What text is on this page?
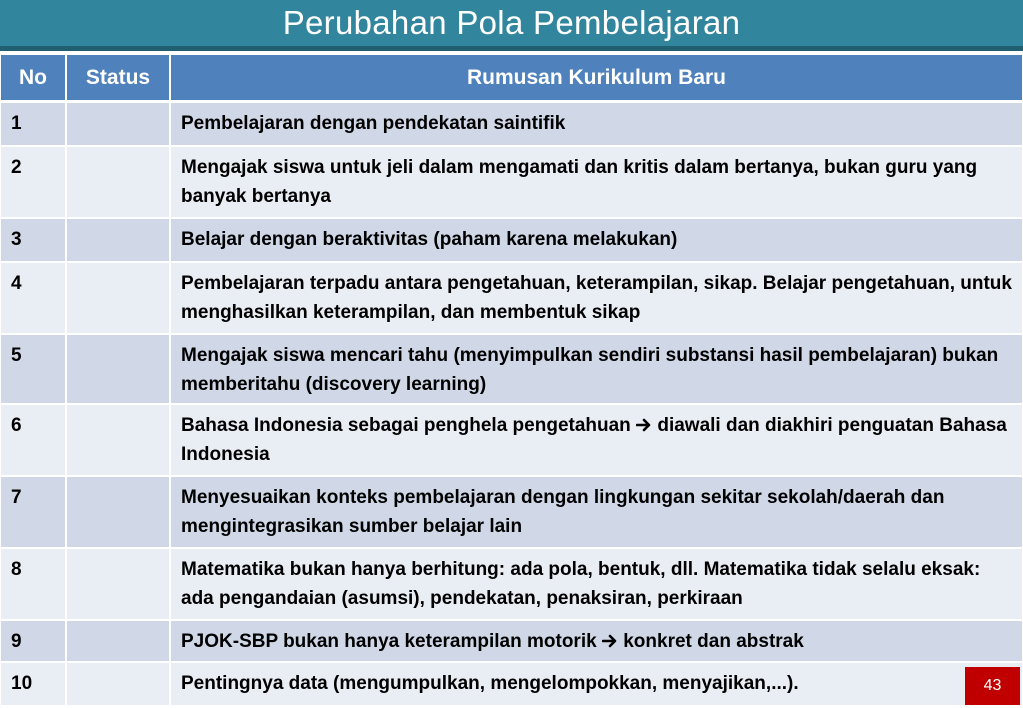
Perubahan Pola Pembelajaran
No	Status	Rumusan Kurikulum Baru
1		Pembelajaran dengan pendekatan saintifik
2		Mengajak siswa untuk jeli dalam mengamati dan kritis dalam bertanya, bukan guru yang banyak bertanya
3		Belajar dengan beraktivitas (paham karena melakukan)
4		Pembelajaran terpadu antara pengetahuan, keterampilan, sikap. Belajar pengetahuan, untuk menghasilkan keterampilan, dan membentuk sikap
5		Mengajak siswa mencari tahu (menyimpulkan sendiri substansi hasil pembelajaran) bukan memberitahu (discovery learning)
6		Bahasa Indonesia sebagai penghela pengetahuan diawali dan diakhiri penguatan Bahasa Indonesia
7		Menyesuaikan konteks pembelajaran dengan lingkungan sekitar sekolah/daerah dan mengintegrasikan sumber belajar lain
8		Matematika bukan hanya berhitung: ada pola, bentuk, dll. Matematika tidak selalu eksak: ada pengandaian (asumsi), pendekatan, penaksiran, perkiraan
9		PJOK-SBP bukan hanya keterampilan motorik konkret dan abstrak
10		Pentingnya data (mengumpulkan, mengelompokkan, menyajikan,...).	43
